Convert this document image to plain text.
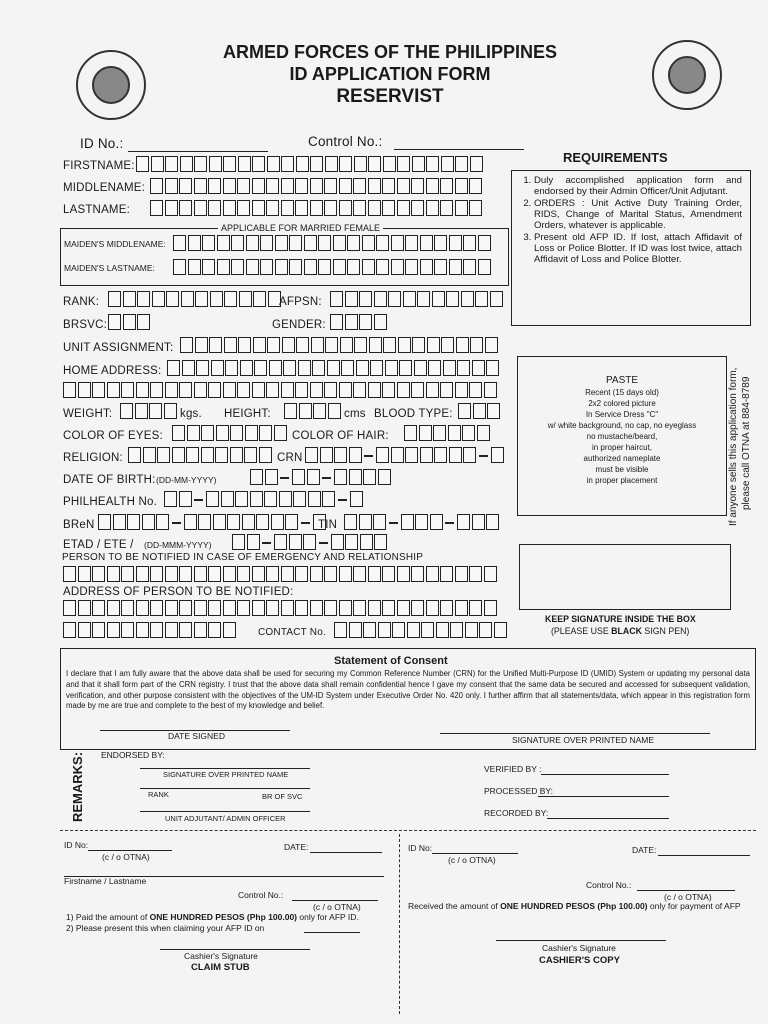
ARMED FORCES OF THE PHILIPPINES
ID APPLICATION FORM
RESERVIST
ID No.:	Control No.:
FIRSTNAME:
MIDDLENAME:
LASTNAME:
APPLICABLE FOR MARRIED FEMALE
MAIDEN'S MIDDLENAME:
MAIDEN'S LASTNAME:
RANK:	AFPSN:
BRSVC:	GENDER:
UNIT ASSIGNMENT:
HOME ADDRESS:
WEIGHT:	kgs. HEIGHT:	cms BLOOD TYPE:
COLOR OF EYES:	COLOR OF HAIR:
RELIGION:	CRN
DATE OF BIRTH: (DD-MM-YYYY)
PHILHEALTH No.
BReN	TIN
ETAD / ETE / (DD-MMM-YYYY)
PERSON TO BE NOTIFIED IN CASE OF EMERGENCY AND RELATIONSHIP
ADDRESS OF PERSON TO BE NOTIFIED:
CONTACT No.
REQUIREMENTS
1. Duly accomplished application form and endorsed by their Admin Officer/Unit Adjutant.
2. ORDERS : Unit Active Duty Training Order, RIDS, Change of Marital Status, Amendment Orders, whatever is applicable.
3. Present old AFP ID. If lost, attach Affidavit of Loss or Police Blotter. If ID was lost twice, attach Affidavit of Loss and Police Blotter.
PASTE
Recent (15 days old)
2x2 colored picture
In Service Dress "C"
w/ white background, no cap, no eyeglass
no mustache/beard,
in proper haircut,
authorized nameplate
must be visible
in proper placement	If anyone sells this application form, please call OTNA at 884-8789
KEEP SIGNATURE INSIDE THE BOX
(PLEASE USE BLACK SIGN PEN)
Statement of Consent
I declare that I am fully aware that the above data shall be used for securing my Common Reference Number (CRN) for the Unified Multi-Purpose ID (UMID) System or updating my personal data and that it shall form part of the CRN registry. I trust that the above data shall remain confidential hence I gave my consent that the same data be secured and accessed for subsequent validation, verification, and other purpose consistent with the objectives of the UM-ID System under Executive Order No. 420 only. I further affirm that all statements/data, which appear in this registration form made by me are true and complete to the best of my knowledge and belief.
DATE SIGNED	SIGNATURE OVER PRINTED NAME
REMARKS: ENDORSED BY:
SIGNATURE OVER PRINTED NAME
RANK	BR OF SVC
UNIT ADJUTANT/ ADMIN OFFICER
VERIFIED BY :
PROCESSED BY:
RECORDED BY:
ID No:
(c / o OTNA)
DATE:
Firstname / Lastname
Control No.:
(c / o OTNA)
1) Paid the amount of ONE HUNDRED PESOS (Php 100.00) only for AFP ID.
2) Please present this when claiming your AFP ID on
Cashier's Signature
CLAIM STUB
ID No:
(c / o OTNA)
DATE:
Control No.:
(c / o OTNA)
Received the amount of ONE HUNDRED PESOS (Php 100.00) only for payment of AFP
Cashier's Signature
CASHIER'S COPY
